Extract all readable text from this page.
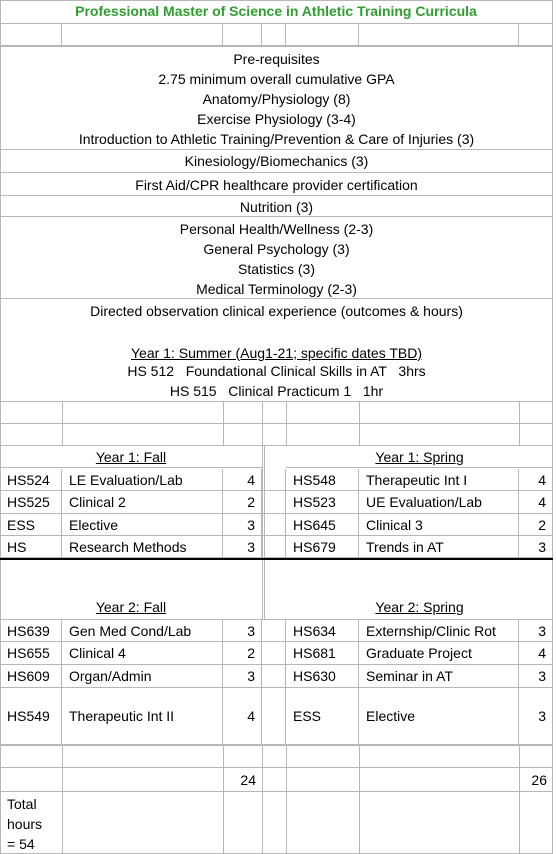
Professional Master of Science in Athletic Training Curricula
Pre-requisites
2.75 minimum overall cumulative GPA
Anatomy/Physiology (8)
Exercise Physiology (3-4)
Introduction to Athletic Training/Prevention & Care of Injuries (3)
Kinesiology/Biomechanics (3)
First Aid/CPR healthcare provider certification
Nutrition (3)
Personal Health/Wellness (2-3)
General Psychology (3)
Statistics (3)
Medical Terminology (2-3)
Directed observation clinical experience (outcomes & hours)
Year 1: Summer (Aug1-21; specific dates TBD)
HS 512   Foundational Clinical Skills in AT   3hrs
HS 515   Clinical Practicum 1   1hr
Year 1: Fall	Year 1: Spring
HS524	LE Evaluation/Lab	4	HS548	Therapeutic Int I	4
HS525	Clinical 2	2	HS523	UE Evaluation/Lab	4
ESS	Elective	3	HS645	Clinical 3	2
HS	Research Methods	3	HS679	Trends in AT	3
Year 2: Fall	Year 2: Spring
HS639	Gen Med Cond/Lab	3	HS634	Externship/Clinic Rot	3
HS655	Clinical 4	2	HS681	Graduate Project	4
HS609	Organ/Admin	3	HS630	Seminar in AT	3
HS549	Therapeutic Int II	4	ESS	Elective	3
24	26
Total
hours
= 54
